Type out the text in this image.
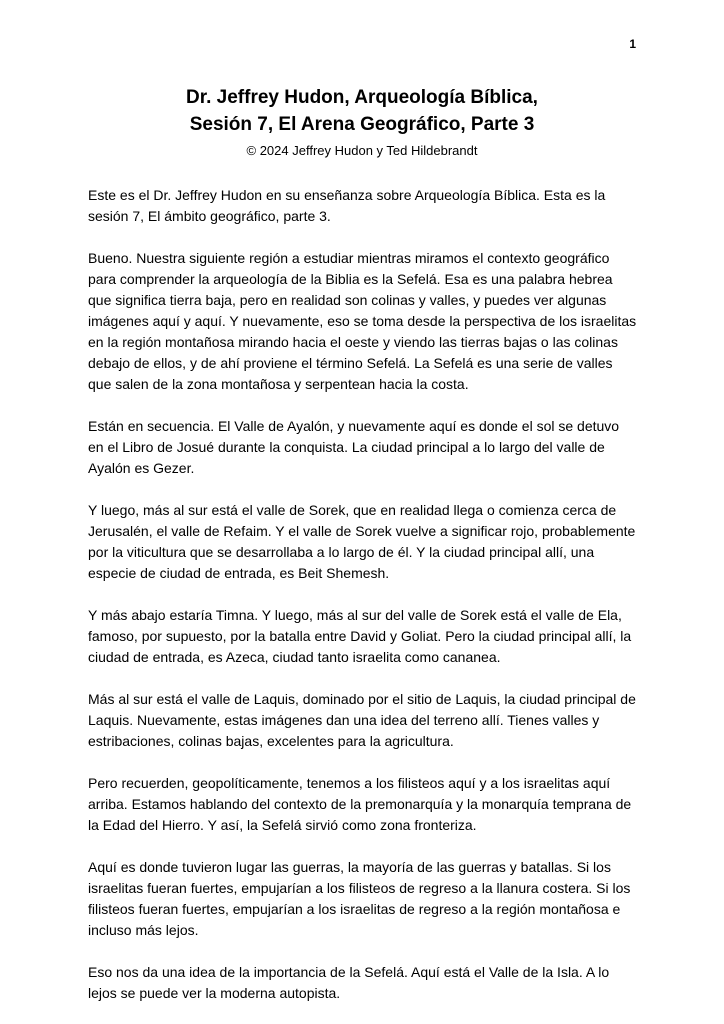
1
Dr. Jeffrey Hudon, Arqueología Bíblica,
Sesión 7, El Arena Geográfico, Parte 3
© 2024 Jeffrey Hudon y Ted Hildebrandt

Este es el Dr. Jeffrey Hudon en su enseñanza sobre Arqueología Bíblica. Esta es la sesión 7, El ámbito geográfico, parte 3.

Bueno. Nuestra siguiente región a estudiar mientras miramos el contexto geográfico para comprender la arqueología de la Biblia es la Sefelá. Esa es una palabra hebrea que significa tierra baja, pero en realidad son colinas y valles, y puedes ver algunas imágenes aquí y aquí. Y nuevamente, eso se toma desde la perspectiva de los israelitas en la región montañosa mirando hacia el oeste y viendo las tierras bajas o las colinas debajo de ellos, y de ahí proviene el término Sefelá. La Sefelá es una serie de valles que salen de la zona montañosa y serpentean hacia la costa.

Están en secuencia. El Valle de Ayalón, y nuevamente aquí es donde el sol se detuvo en el Libro de Josué durante la conquista. La ciudad principal a lo largo del valle de Ayalón es Gezer.

Y luego, más al sur está el valle de Sorek, que en realidad llega o comienza cerca de Jerusalén, el valle de Refaim. Y el valle de Sorek vuelve a significar rojo, probablemente por la viticultura que se desarrollaba a lo largo de él. Y la ciudad principal allí, una especie de ciudad de entrada, es Beit Shemesh.

Y más abajo estaría Timna. Y luego, más al sur del valle de Sorek está el valle de Ela, famoso, por supuesto, por la batalla entre David y Goliat. Pero la ciudad principal allí, la ciudad de entrada, es Azeca, ciudad tanto israelita como cananea.

Más al sur está el valle de Laquis, dominado por el sitio de Laquis, la ciudad principal de Laquis. Nuevamente, estas imágenes dan una idea del terreno allí. Tienes valles y estribaciones, colinas bajas, excelentes para la agricultura.

Pero recuerden, geopolíticamente, tenemos a los filisteos aquí y a los israelitas aquí arriba. Estamos hablando del contexto de la premonarquía y la monarquía temprana de la Edad del Hierro. Y así, la Sefelá sirvió como zona fronteriza.

Aquí es donde tuvieron lugar las guerras, la mayoría de las guerras y batallas. Si los israelitas fueran fuertes, empujarían a los filisteos de regreso a la llanura costera. Si los filisteos fueran fuertes, empujarían a los israelitas de regreso a la región montañosa e incluso más lejos.

Eso nos da una idea de la importancia de la Sefelá. Aquí está el Valle de la Isla. A lo lejos se puede ver la moderna autopista.
